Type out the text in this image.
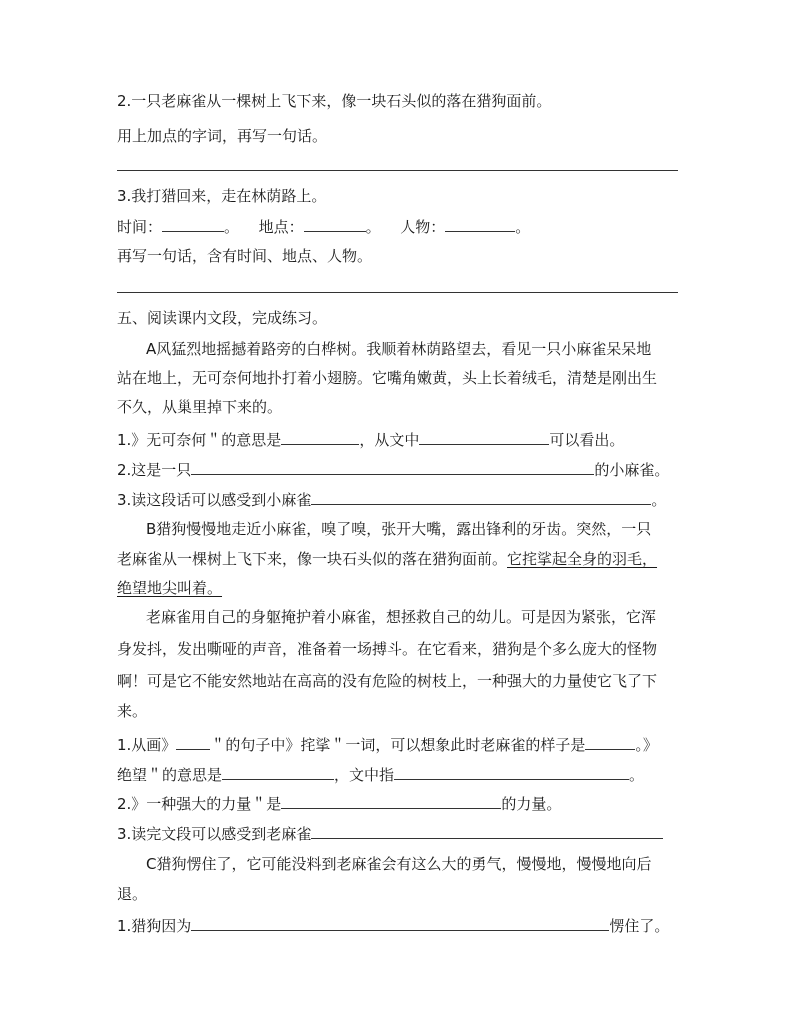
2.一只老麻雀从一棵树上飞下来，像一块石头似的落在猎狗面前。
用上加点的字词，再写一句话。
3.我打猎回来，走在林荫路上。
时间：	。 地点：	。 人物：	。
再写一句话，含有时间、地点、人物。
五、阅读课内文段，完成练习。
A风猛烈地摇撼着路旁的白桦树。我顺着林荫路望去，看见一只小麻雀呆呆地
站在地上，无可奈何地扑打着小翅膀。它嘴角嫩黄，头上长着绒毛，清楚是刚出生
不久，从巢里掉下来的。
1.》无可奈何＂的意思是	，从文中	可以看出。
2.这是一只	的小麻雀。
3.读这段话可以感受到小麻雀	。
B猎狗慢慢地走近小麻雀，嗅了嗅，张开大嘴，露出锋利的牙齿。突然，一只
老麻雀从一棵树上飞下来，像一块石头似的落在猎狗面前。它挓挲起全身的羽毛，
绝望地尖叫着。
老麻雀用自己的身躯掩护着小麻雀，想拯救自己的幼儿。可是因为紧张，它浑
身发抖，发出嘶哑的声音，准备着一场搏斗。在它看来，猎狗是个多么庞大的怪物
啊！可是它不能安然地站在高高的没有危险的树枝上，一种强大的力量使它飞了下
来。
1.从画》 ＂的句子中》挓挲＂一词，可以想象此时老麻雀的样子是	。》
绝望＂的意思是	，文中指	。
2.》一种强大的力量＂是	的力量。
3.读完文段可以感受到老麻雀
C猎狗愣住了，它可能没料到老麻雀会有这么大的勇气，慢慢地，慢慢地向后
退。
1.猎狗因为	愣住了。
